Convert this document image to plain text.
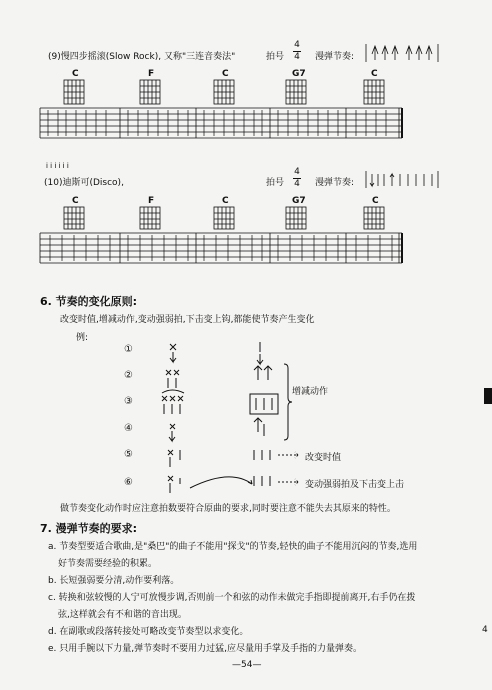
(9)慢四步摇滚(Slow Rock), 又称"三连音奏法"	拍号
4
4 漫弹节奏:
C	F	C	G7	C
i i i i i i
(10)迪斯可(Disco),	拍号
4
4 漫弹节奏:
C	F	C	G7	C
6. 节奏的变化原则:
改变时值,增减动作,变动强弱拍,下击变上钩,都能使节奏产生变化
例:
①
②
③
④
⑤
⑥
增减动作
改变时值
变动强弱拍及下击变上击
做节奏变化动作时应注意拍数要符合原曲的要求,同时要注意不能失去其原来的特性。
7. 漫弹节奏的要求:
a. 节奏型要适合歌曲,是"桑巴"的曲子不能用"探戈"的节奏,轻快的曲子不能用沉闷的节奏,选用
好节奏需要经验的积累。
b. 长短强弱要分清,动作要利落。
c. 转换和弦较慢的人宁可放慢步调,否则前一个和弦的动作未做完手指即提前离开,右手仍在拨
弦,这样就会有不和谐的音出现。
d. 在副歌或段落转接处可略改变节奏型以求变化。
e. 只用手腕以下力量,弹节奏时不要用力过猛,应尽量用手掌及手指的力量弹奏。
—54—
4
